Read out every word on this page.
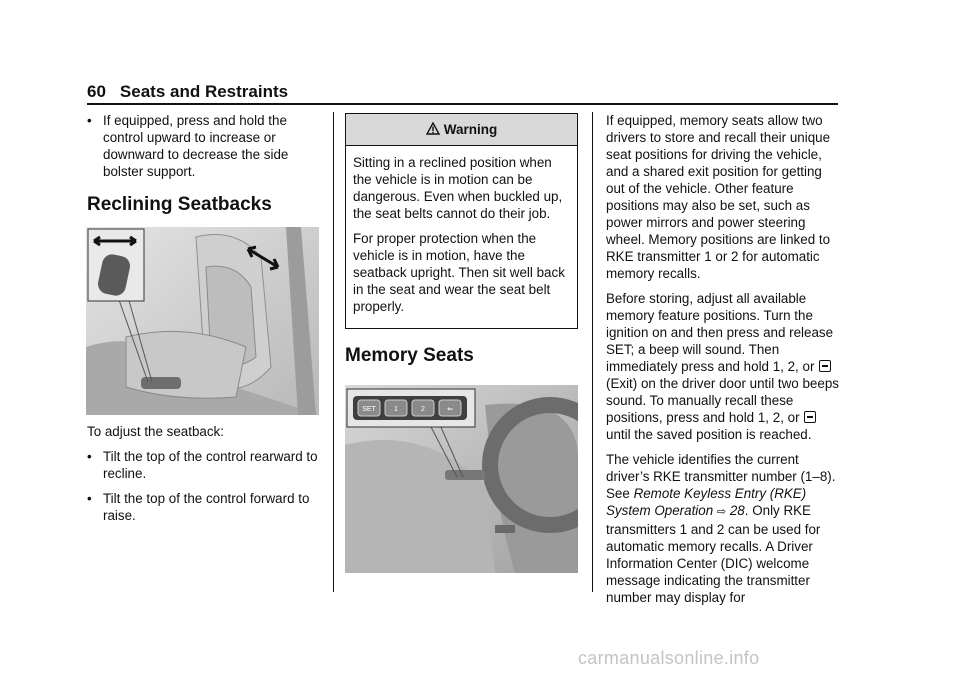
60 Seats and Restraints
• If equipped, press and hold the control upward to increase or downward to decrease the side bolster support.
Reclining Seatbacks

To adjust the seatback:

• Tilt the top of the control rearward to recline.
• Tilt the top of the control forward to raise.
Warning

Sitting in a reclined position when the vehicle is in motion can be dangerous. Even when buckled up, the seat belts cannot do their job.

For proper protection when the vehicle is in motion, have the seatback upright. Then sit well back in the seat and wear the seat belt properly.

Memory Seats
SET	1	2	⇐

If equipped, memory seats allow two drivers to store and recall their unique seat positions for driving the vehicle, and a shared exit position for getting out of the vehicle. Other feature positions may also be set, such as power mirrors and power steering wheel. Memory positions are linked to RKE transmitter 1 or 2 for automatic memory recalls.

Before storing, adjust all available memory feature positions. Turn the ignition on and then press and release SET; a beep will sound. Then immediately press and hold 1, 2, or  (Exit) on the driver door until two beeps sound. To manually recall these positions, press and hold 1, 2, or  until the saved position is reached.

The vehicle identifies the current driver’s RKE transmitter number (1–8). See Remote Keyless Entry (RKE) System Operation ⇨ 28. Only RKE transmitters 1 and 2 can be used for automatic memory recalls. A Driver Information Center (DIC) welcome message indicating the transmitter number may display for

carmanualsonline.info
